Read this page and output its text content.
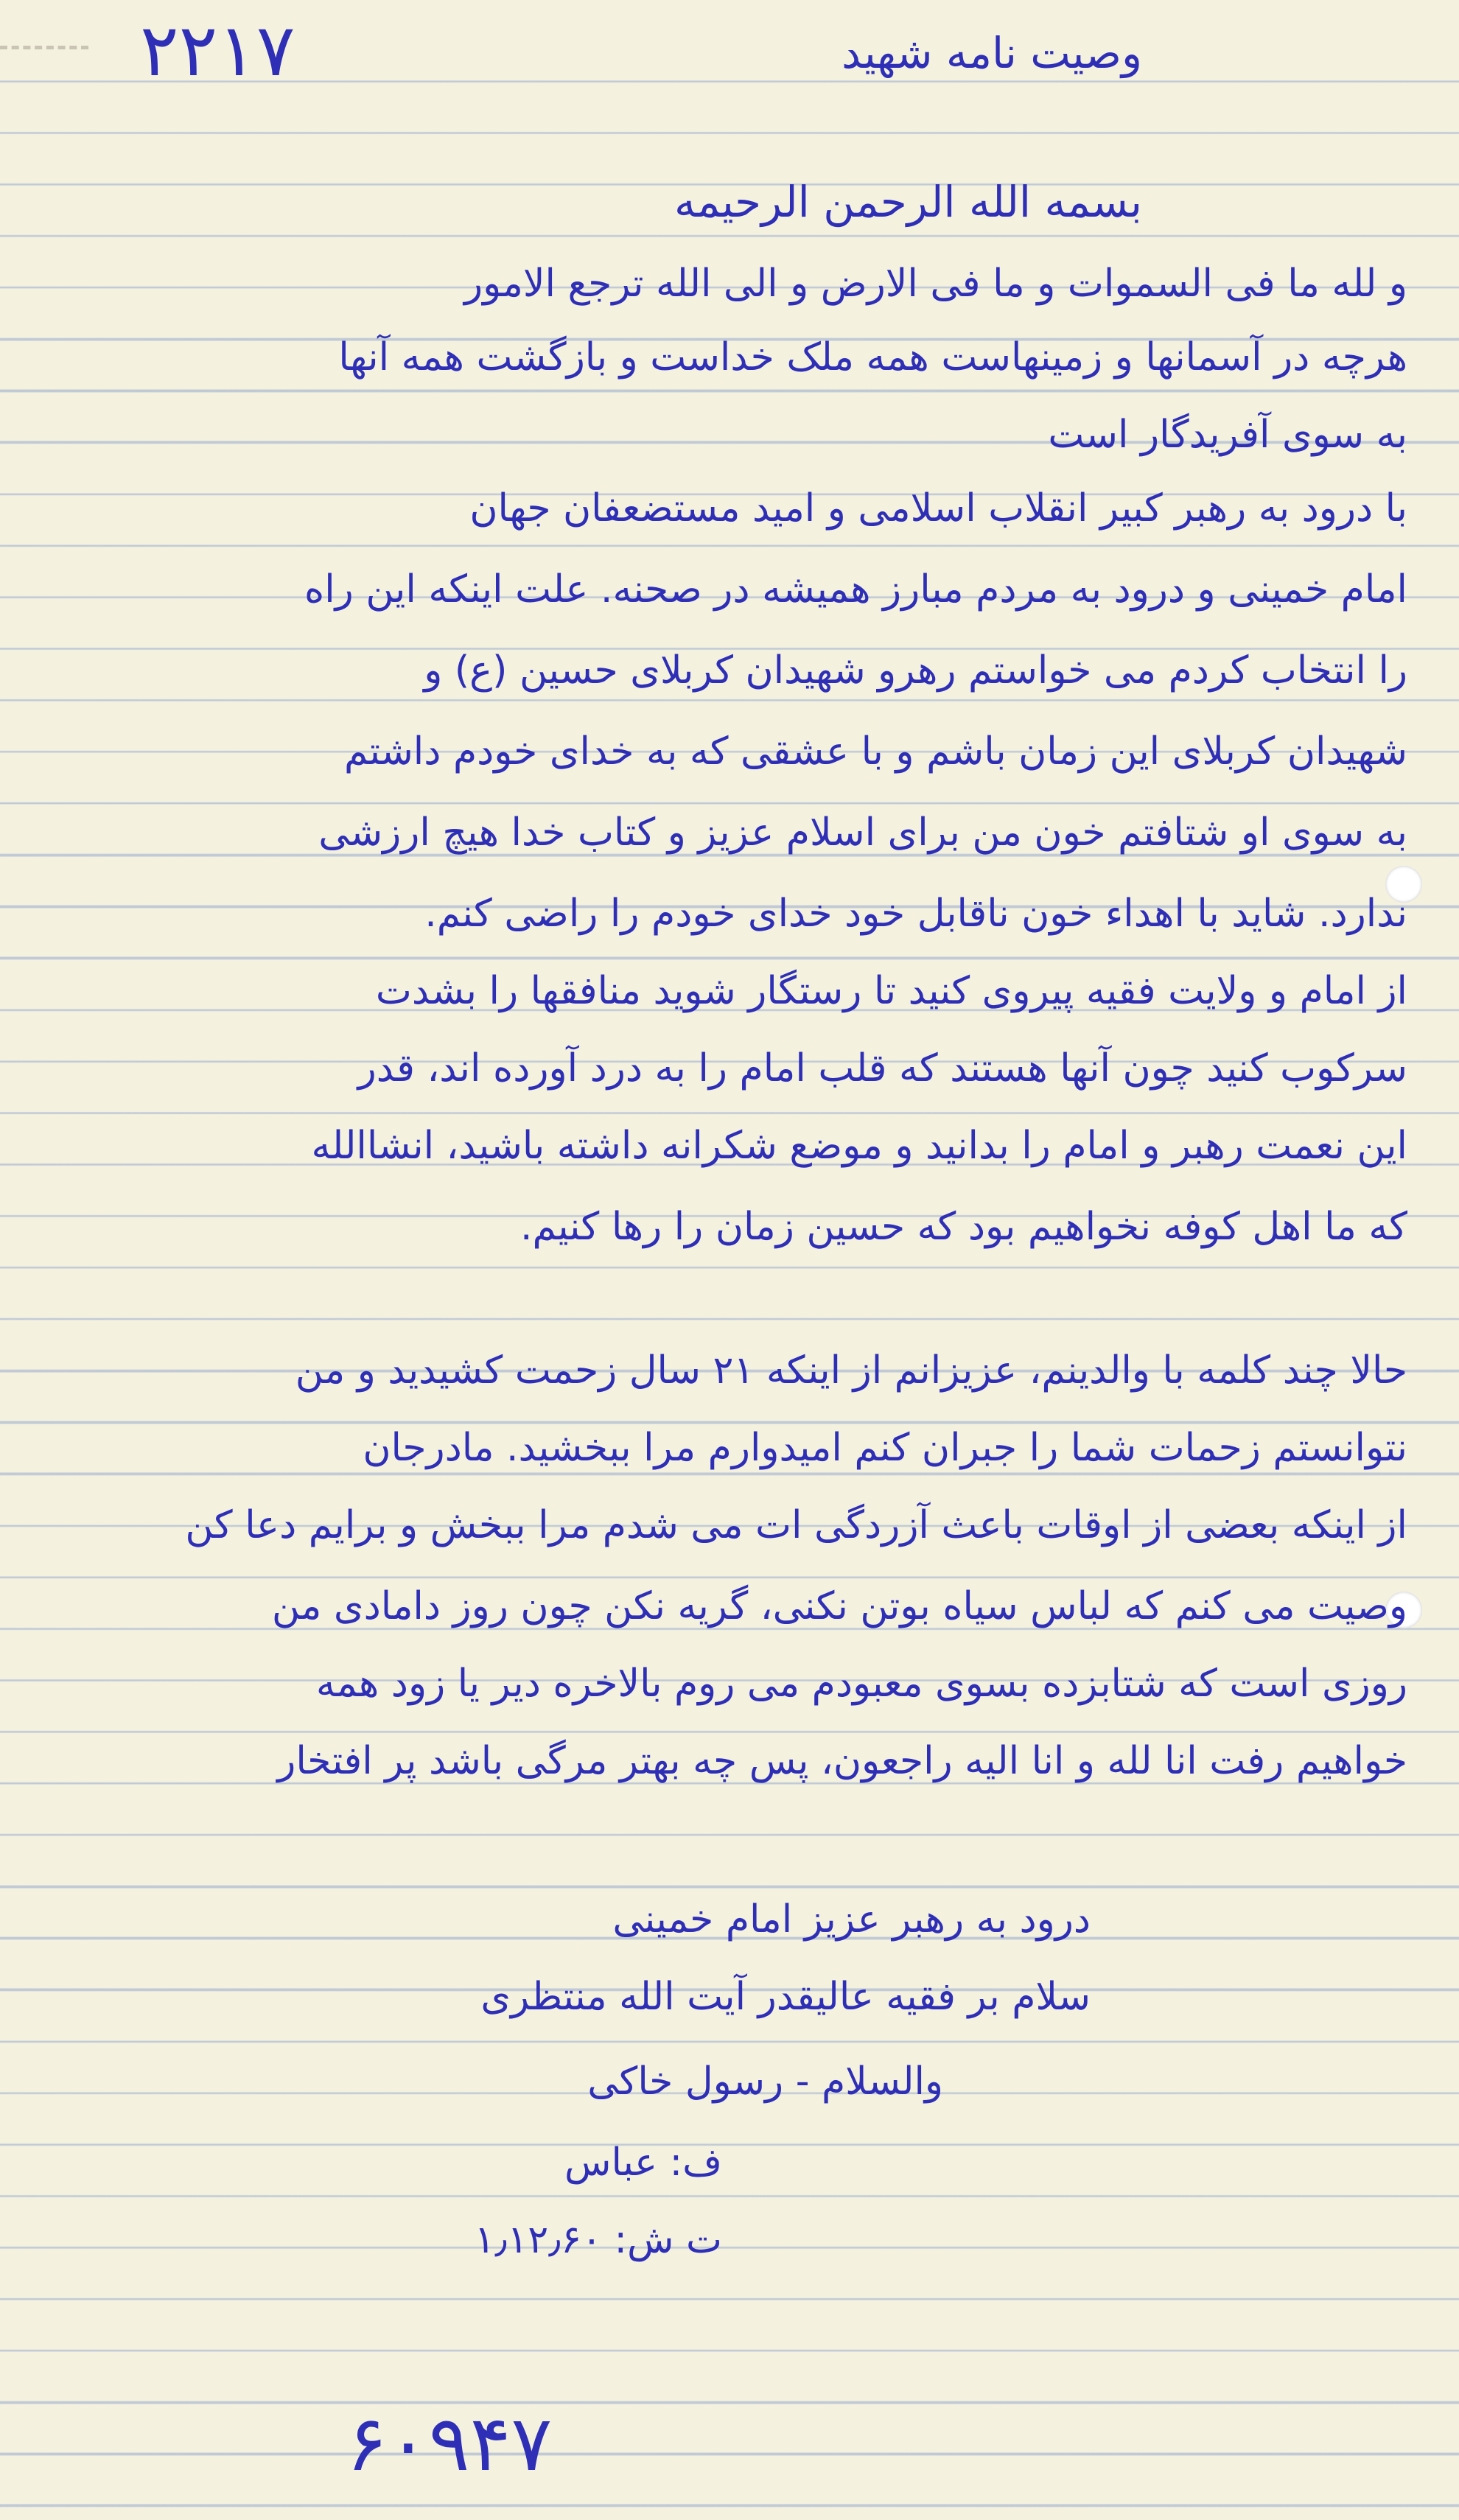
۲۲۱۷	وصیت نامه شهید
بسمه الله الرحمن الرحیمه
و لله ما فی السموات و ما فی الارض و الی الله ترجع الامور
هرچه در آسمانها و زمینهاست همه ملک خداست و بازگشت همه آنها
به سوی آفریدگار است
با درود به رهبر کبیر انقلاب اسلامی و امید مستضعفان جهان
امام خمینی و درود به مردم مبارز همیشه در صحنه. علت اینکه این راه
را انتخاب کردم می خواستم رهرو شهیدان کربلای حسین (ع) و
شهیدان کربلای این زمان باشم و با عشقی که به خدای خودم داشتم
به سوی او شتافتم خون من برای اسلام عزیز و کتاب خدا هیچ ارزشی
ندارد. شاید با اهداء خون ناقابل خود خدای خودم را راضی کنم.
از امام و ولایت فقیه پیروی کنید تا رستگار شوید منافقها را بشدت
سرکوب کنید چون آنها هستند که قلب امام را به درد آورده اند، قدر
این نعمت رهبر و امام را بدانید و موضع شکرانه داشته باشید، انشاالله
که ما اهل کوفه نخواهیم بود که حسین زمان را رها کنیم.
حالا چند کلمه با والدینم، عزیزانم از اینکه ۲۱ سال زحمت کشیدید و من
نتوانستم زحمات شما را جبران کنم امیدوارم مرا ببخشید. مادرجان
از اینکه بعضی از اوقات باعث آزردگی ات می شدم مرا ببخش و برایم دعا کن
وصیت می کنم که لباس سیاه بوتن نکنی، گریه نکن چون روز دامادی من
روزی است که شتابزده بسوی معبودم می روم بالاخره دیر یا زود همه
خواهیم رفت انا لله و انا الیه راجعون، پس چه بهتر مرگی باشد پر افتخار
درود به رهبر عزیز امام خمینی
سلام بر فقیه عالیقدر آیت الله منتظری
والسلام - رسول خاکی
ف: عباس
ت ش: ۱٫۱۲٫۶۰
۶۰۹۴۷
